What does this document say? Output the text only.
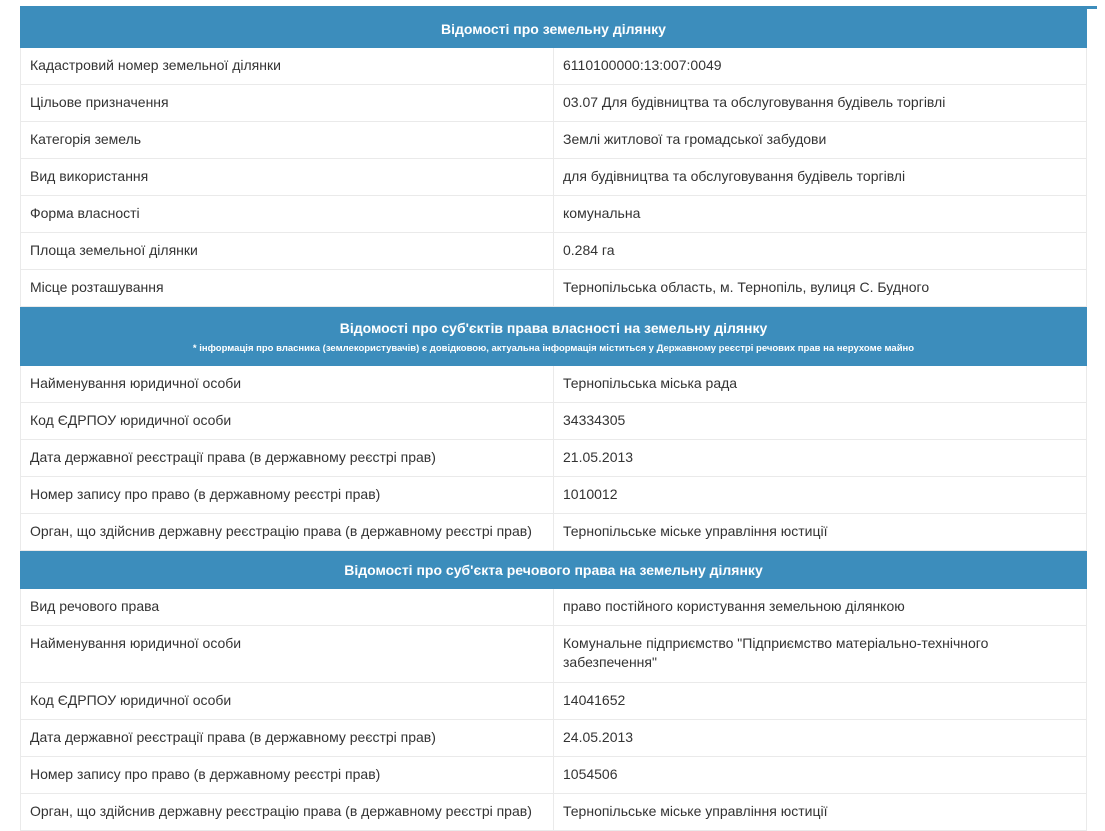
Відомості про земельну ділянку	
Кадастровий номер земельної ділянки	6110100000:13:007:0049
Цільове призначення	03.07 Для будівництва та обслуговування будівель торгівлі
Категорія земель	Землі житлової та громадської забудови
Вид використання	для будівництва та обслуговування будівель торгівлі
Форма власності	комунальна
Площа земельної ділянки	0.284 га
Місце розташування	Тернопільська область, м. Тернопіль, вулиця С. Будного
Відомості про суб'єктів права власності на земельну ділянку
* інформація про власника (землекористувачів) є довідковою, актуальна інформація міститься у Державному реєстрі речових прав на нерухоме майно	

Найменування юридичної особи	Тернопільська міська рада
Код ЄДРПОУ юридичної особи	34334305
Дата державної реєстрації права (в державному реєстрі прав)	21.05.2013
Номер запису про право (в державному реєстрі прав)	1010012
Орган, що здійснив державну реєстрацію права (в державному реєстрі прав)	Тернопільське міське управління юстиції
Відомості про суб'єкта речового права на земельну ділянку	
Вид речового права	право постійного користування земельною ділянкою
Найменування юридичної особи	Комунальне підприємство "Підприємство матеріально-технічного забезпечення"
Код ЄДРПОУ юридичної особи	14041652
Дата державної реєстрації права (в державному реєстрі прав)	24.05.2013
Номер запису про право (в державному реєстрі прав)	1054506
Орган, що здійснив державну реєстрацію права (в державному реєстрі прав)	Тернопільське міське управління юстиції
